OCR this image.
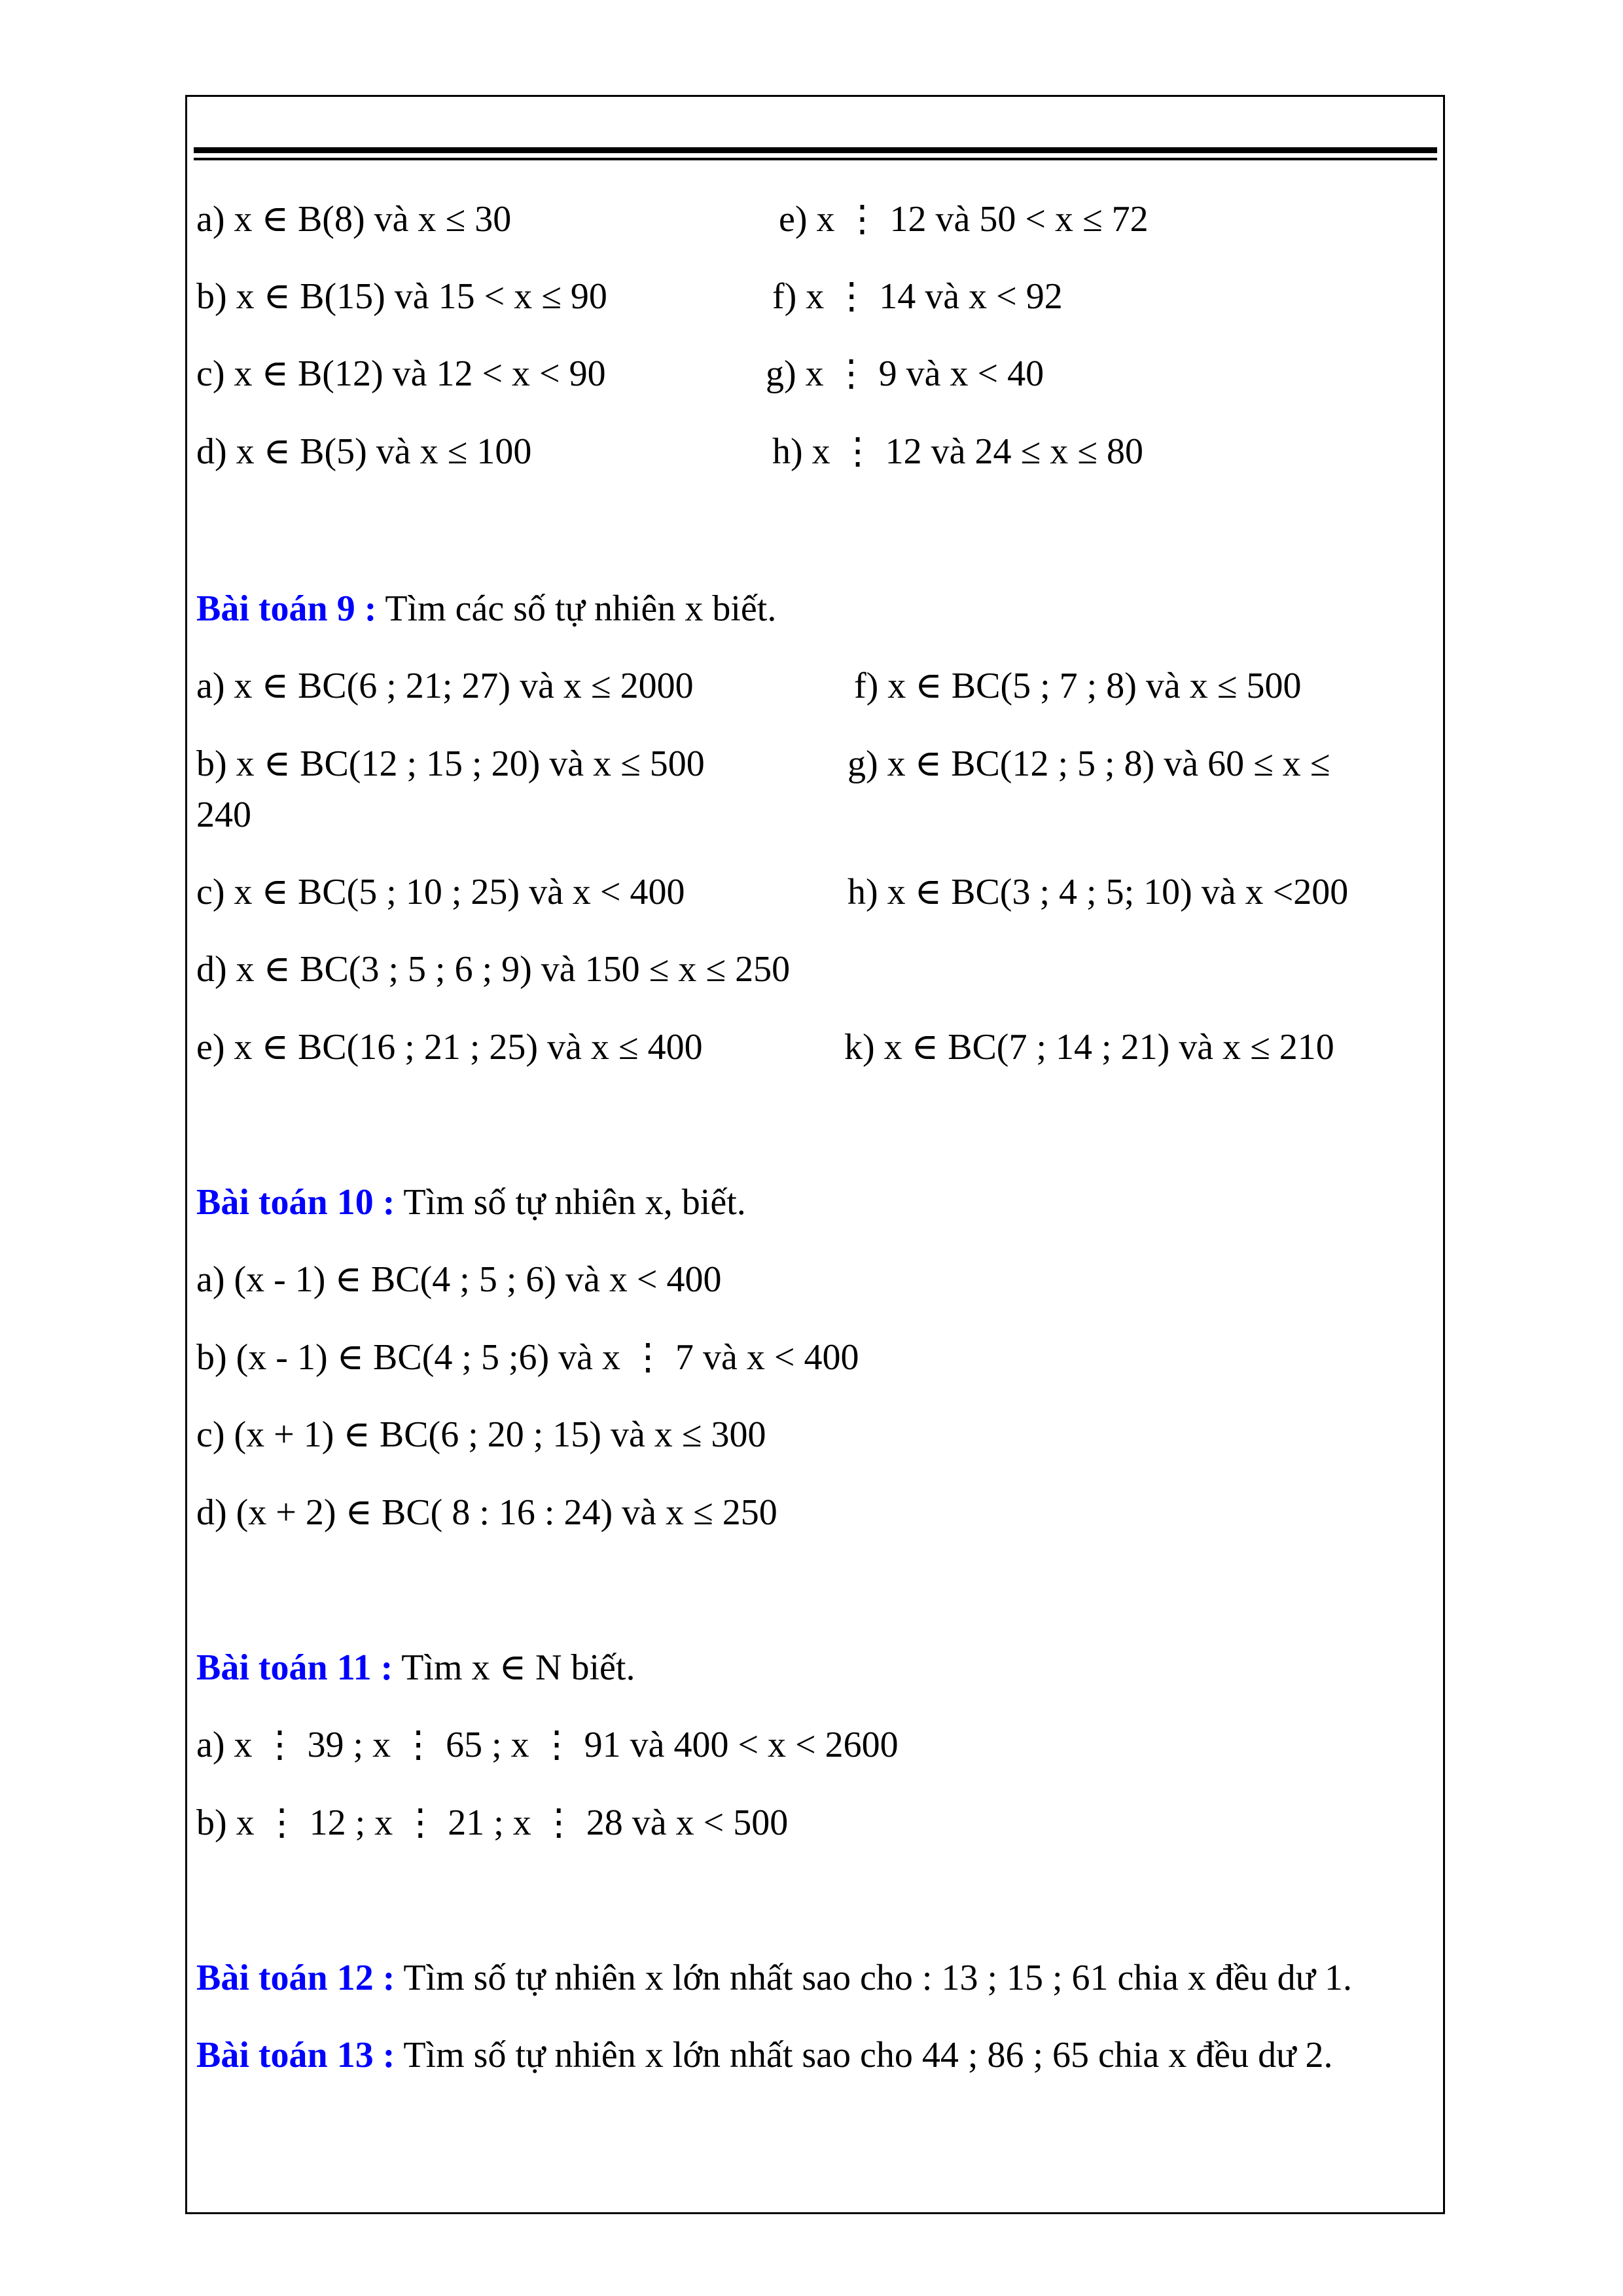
a) x ∈ B(8) và x ≤ 30	e) x ⋮ 12 và 50 < x ≤ 72
b) x ∈ B(15) và 15 < x ≤ 90	f) x ⋮ 14 và x < 92
c) x ∈ B(12) và 12 < x < 90	g) x ⋮ 9 và x < 40
d) x ∈ B(5) và x ≤ 100	h) x ⋮ 12 và 24 ≤ x ≤ 80
Bài toán 9 : Tìm các số tự nhiên x biết.
a) x ∈ BC(6 ; 21; 27) và x ≤ 2000	f) x ∈ BC(5 ; 7 ; 8) và x ≤ 500
b) x ∈ BC(12 ; 15 ; 20) và x ≤ 500	g) x ∈ BC(12 ; 5 ; 8) và 60 ≤ x ≤
240
c) x ∈ BC(5 ; 10 ; 25) và x < 400	h) x ∈ BC(3 ; 4 ; 5; 10) và x <200
d) x ∈ BC(3 ; 5 ; 6 ; 9) và 150 ≤ x ≤ 250
e) x ∈ BC(16 ; 21 ; 25) và x ≤ 400	k) x ∈ BC(7 ; 14 ; 21) và x ≤ 210
Bài toán 10 : Tìm số tự nhiên x, biết.
a) (x - 1) ∈ BC(4 ; 5 ; 6) và x < 400
b) (x - 1) ∈ BC(4 ; 5 ;6) và x ⋮ 7 và x < 400
c) (x + 1) ∈ BC(6 ; 20 ; 15) và x ≤ 300
d) (x + 2) ∈ BC( 8 : 16 : 24) và x ≤ 250
Bài toán 11 : Tìm x ∈ N biết.
a) x ⋮ 39 ; x ⋮ 65 ; x ⋮ 91 và 400 < x < 2600
b) x ⋮ 12 ; x ⋮ 21 ; x ⋮ 28 và x < 500
Bài toán 12 : Tìm số tự nhiên x lớn nhất sao cho : 13 ; 15 ; 61 chia x đều dư 1.
Bài toán 13 : Tìm số tự nhiên x lớn nhất sao cho 44 ; 86 ; 65 chia x đều dư 2.
